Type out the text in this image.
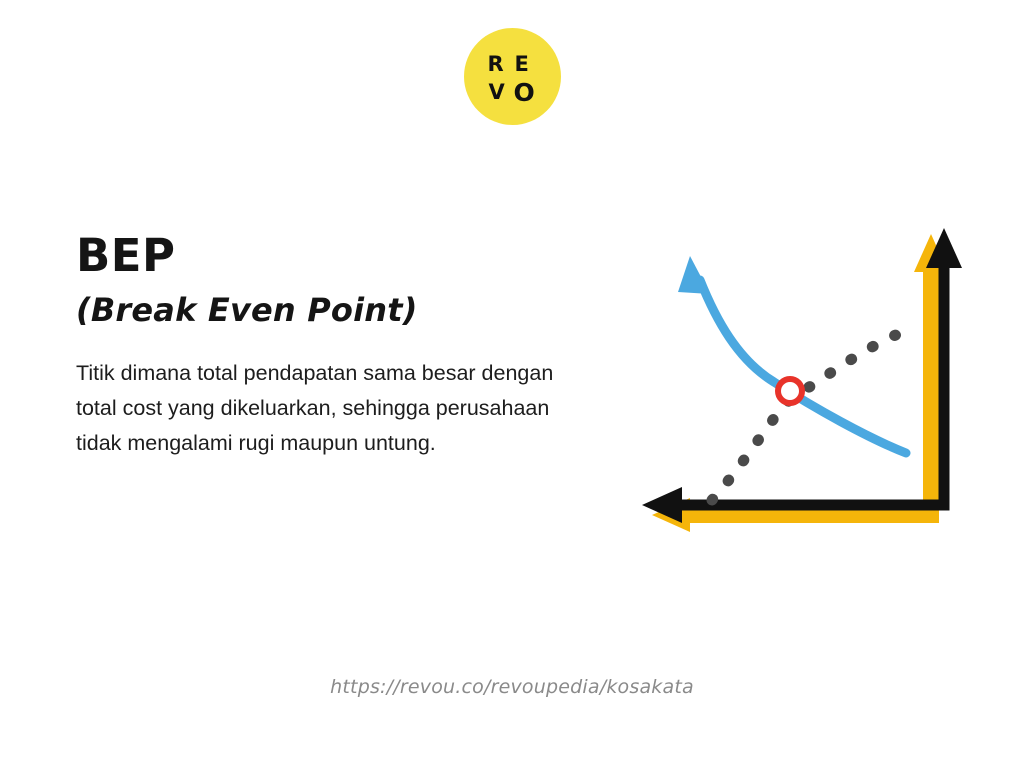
R E
V O
BEP
(Break Even Point)

Titik dimana total pendapatan sama besar dengan total cost yang dikeluarkan, sehingga perusahaan tidak mengalami rugi maupun untung.

https://revou.co/revoupedia/kosakata
